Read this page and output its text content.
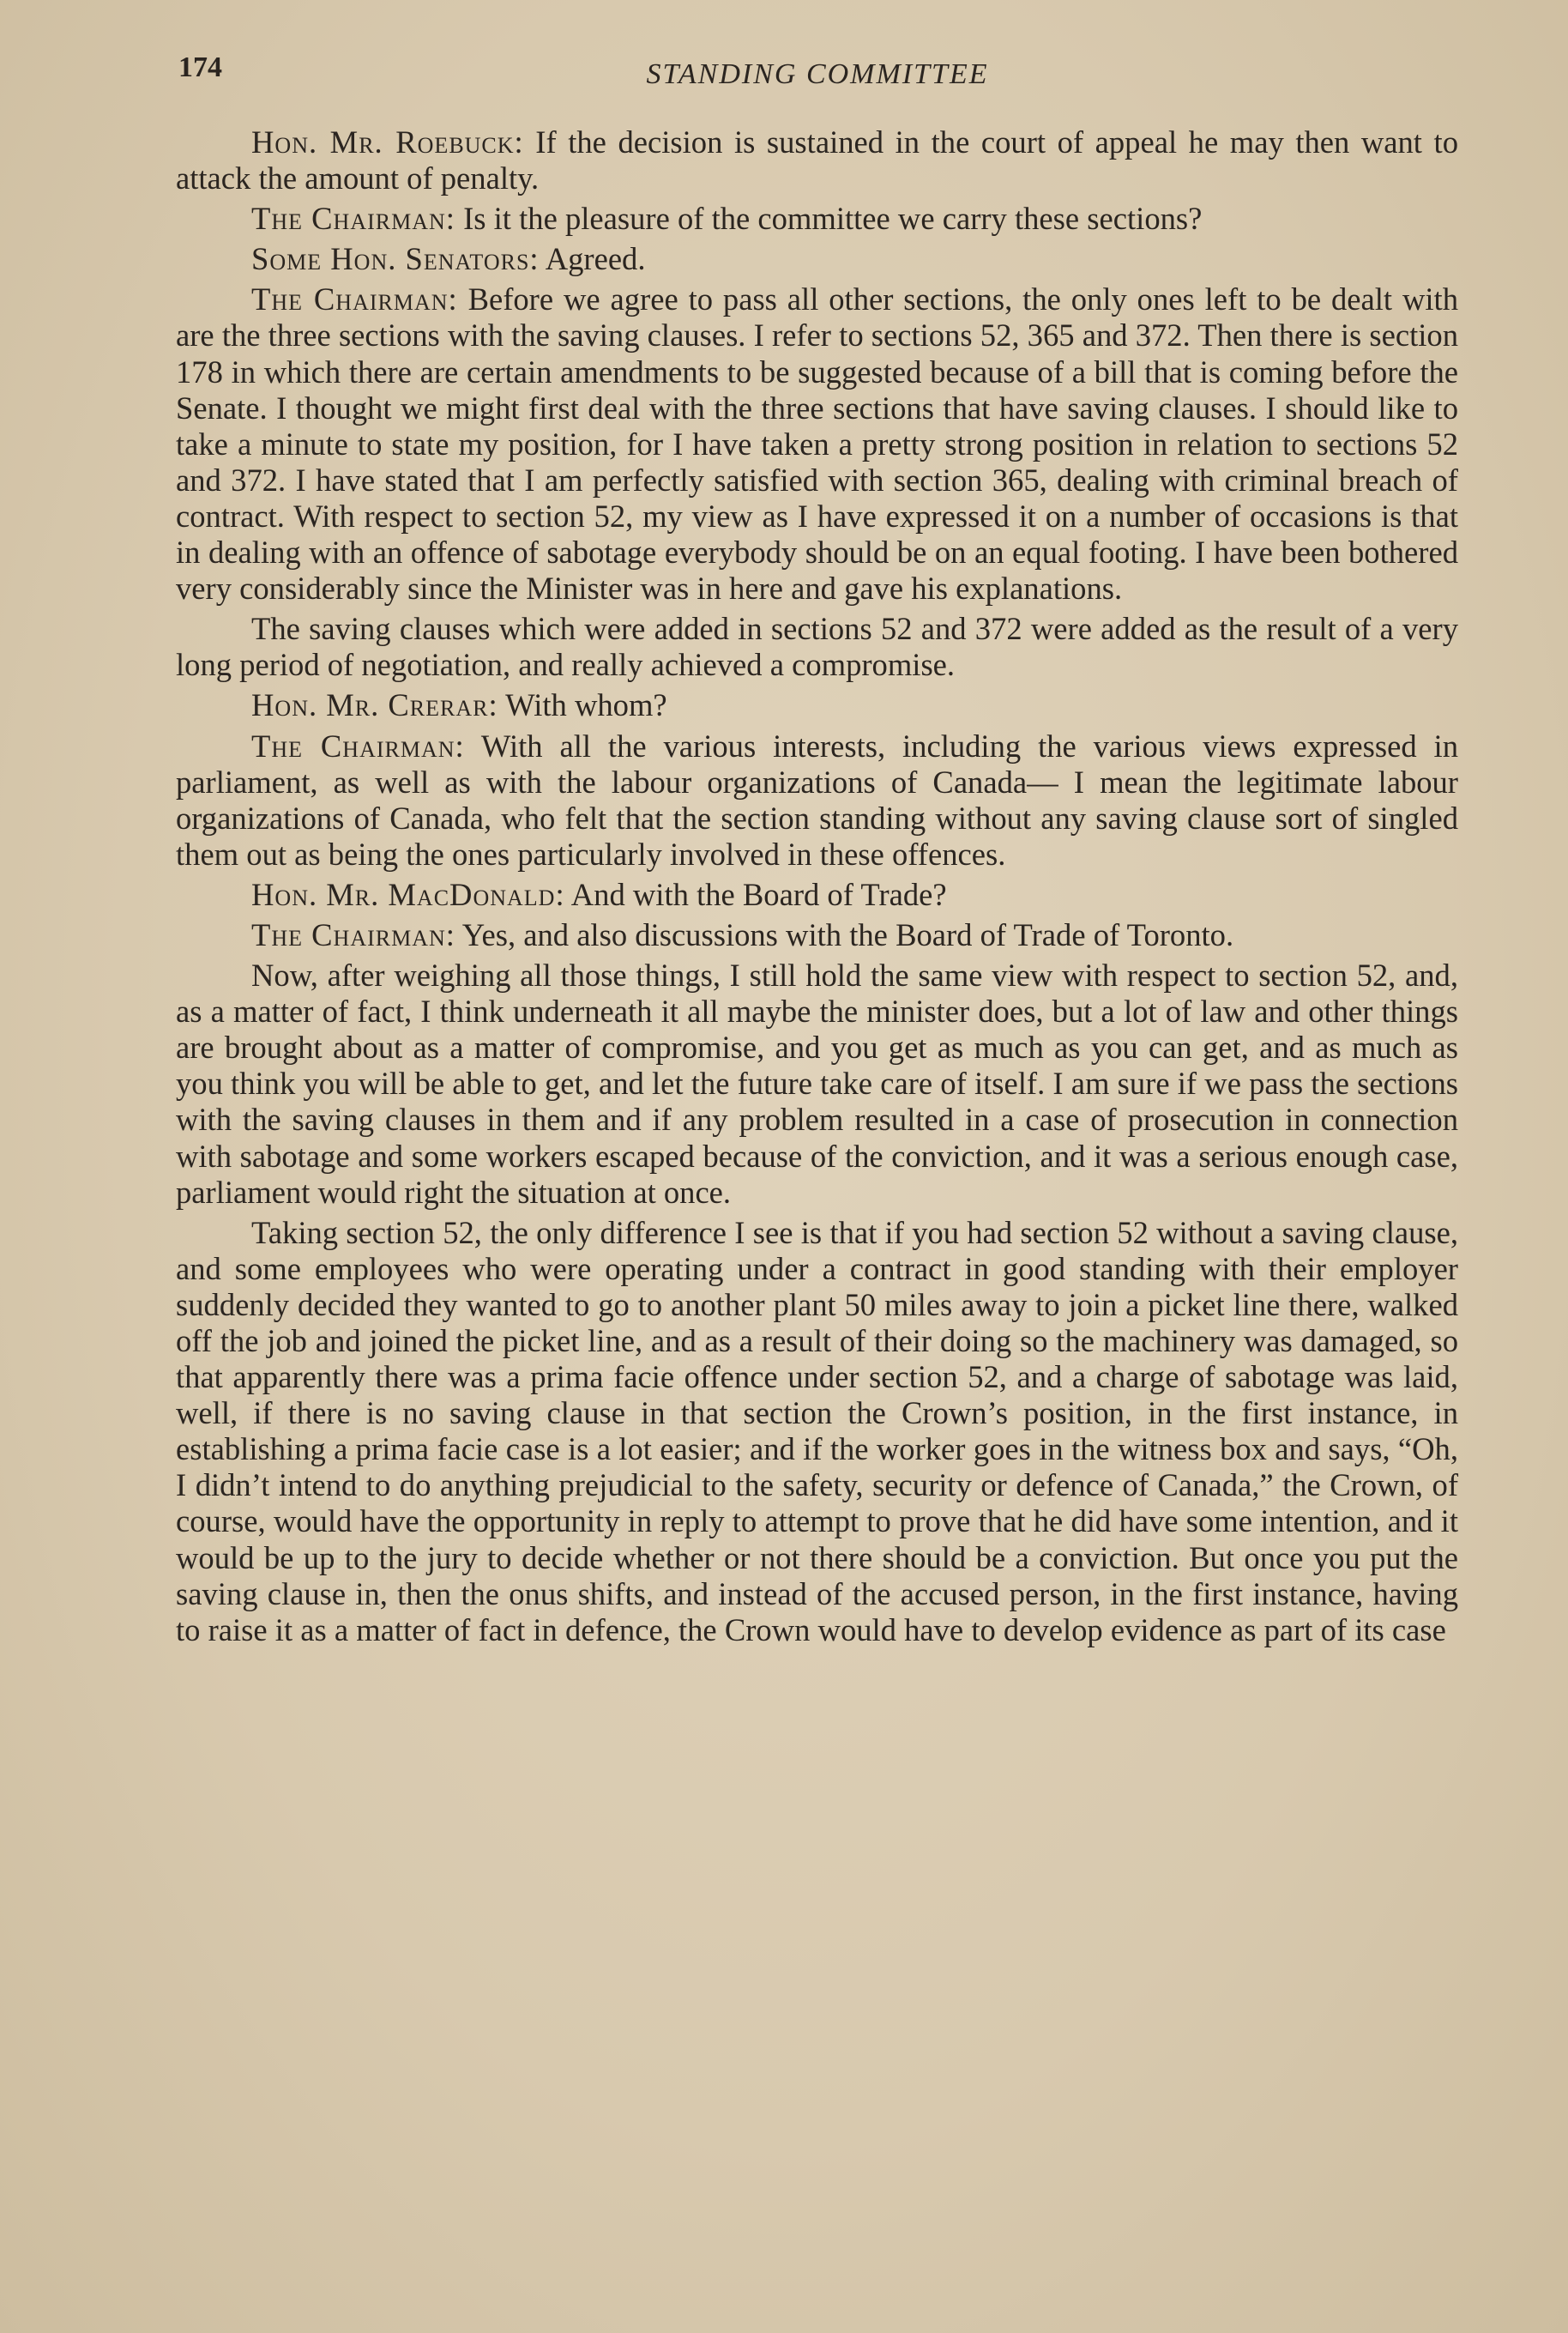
174	STANDING COMMITTEE

Hon. Mr. Roebuck: If the decision is sustained in the court of appeal he may then want to attack the amount of penalty.

The Chairman: Is it the pleasure of the committee we carry these sections?

Some Hon. Senators: Agreed.

The Chairman: Before we agree to pass all other sections, the only ones left to be dealt with are the three sections with the saving clauses. I refer to sections 52, 365 and 372. Then there is section 178 in which there are certain amendments to be suggested because of a bill that is coming before the Senate. I thought we might first deal with the three sections that have saving clauses. I should like to take a minute to state my position, for I have taken a pretty strong position in relation to sections 52 and 372. I have stated that I am perfectly satisfied with section 365, dealing with criminal breach of contract. With respect to section 52, my view as I have expressed it on a number of occasions is that in dealing with an offence of sabotage everybody should be on an equal footing. I have been bothered very considerably since the Minister was in here and gave his explanations.

The saving clauses which were added in sections 52 and 372 were added as the result of a very long period of negotiation, and really achieved a compromise.

Hon. Mr. Crerar: With whom?

The Chairman: With all the various interests, including the various views expressed in parliament, as well as with the labour organizations of Canada— I mean the legitimate labour organizations of Canada, who felt that the section standing without any saving clause sort of singled them out as being the ones particularly involved in these offences.

Hon. Mr. MacDonald: And with the Board of Trade?

The Chairman: Yes, and also discussions with the Board of Trade of Toronto.

Now, after weighing all those things, I still hold the same view with respect to section 52, and, as a matter of fact, I think underneath it all maybe the minister does, but a lot of law and other things are brought about as a matter of compromise, and you get as much as you can get, and as much as you think you will be able to get, and let the future take care of itself. I am sure if we pass the sections with the saving clauses in them and if any problem resulted in a case of prosecution in connection with sabotage and some workers escaped because of the conviction, and it was a serious enough case, parliament would right the situation at once.

Taking section 52, the only difference I see is that if you had section 52 without a saving clause, and some employees who were operating under a contract in good standing with their employer suddenly decided they wanted to go to another plant 50 miles away to join a picket line there, walked off the job and joined the picket line, and as a result of their doing so the machinery was damaged, so that apparently there was a prima facie offence under section 52, and a charge of sabotage was laid, well, if there is no saving clause in that section the Crown’s position, in the first instance, in establishing a prima facie case is a lot easier; and if the worker goes in the witness box and says, “Oh, I didn’t intend to do anything prejudicial to the safety, security or defence of Canada,” the Crown, of course, would have the opportunity in reply to attempt to prove that he did have some intention, and it would be up to the jury to decide whether or not there should be a conviction. But once you put the saving clause in, then the onus shifts, and instead of the accused person, in the first instance, having to raise it as a matter of fact in defence, the Crown would have to develop evidence as part of its case
